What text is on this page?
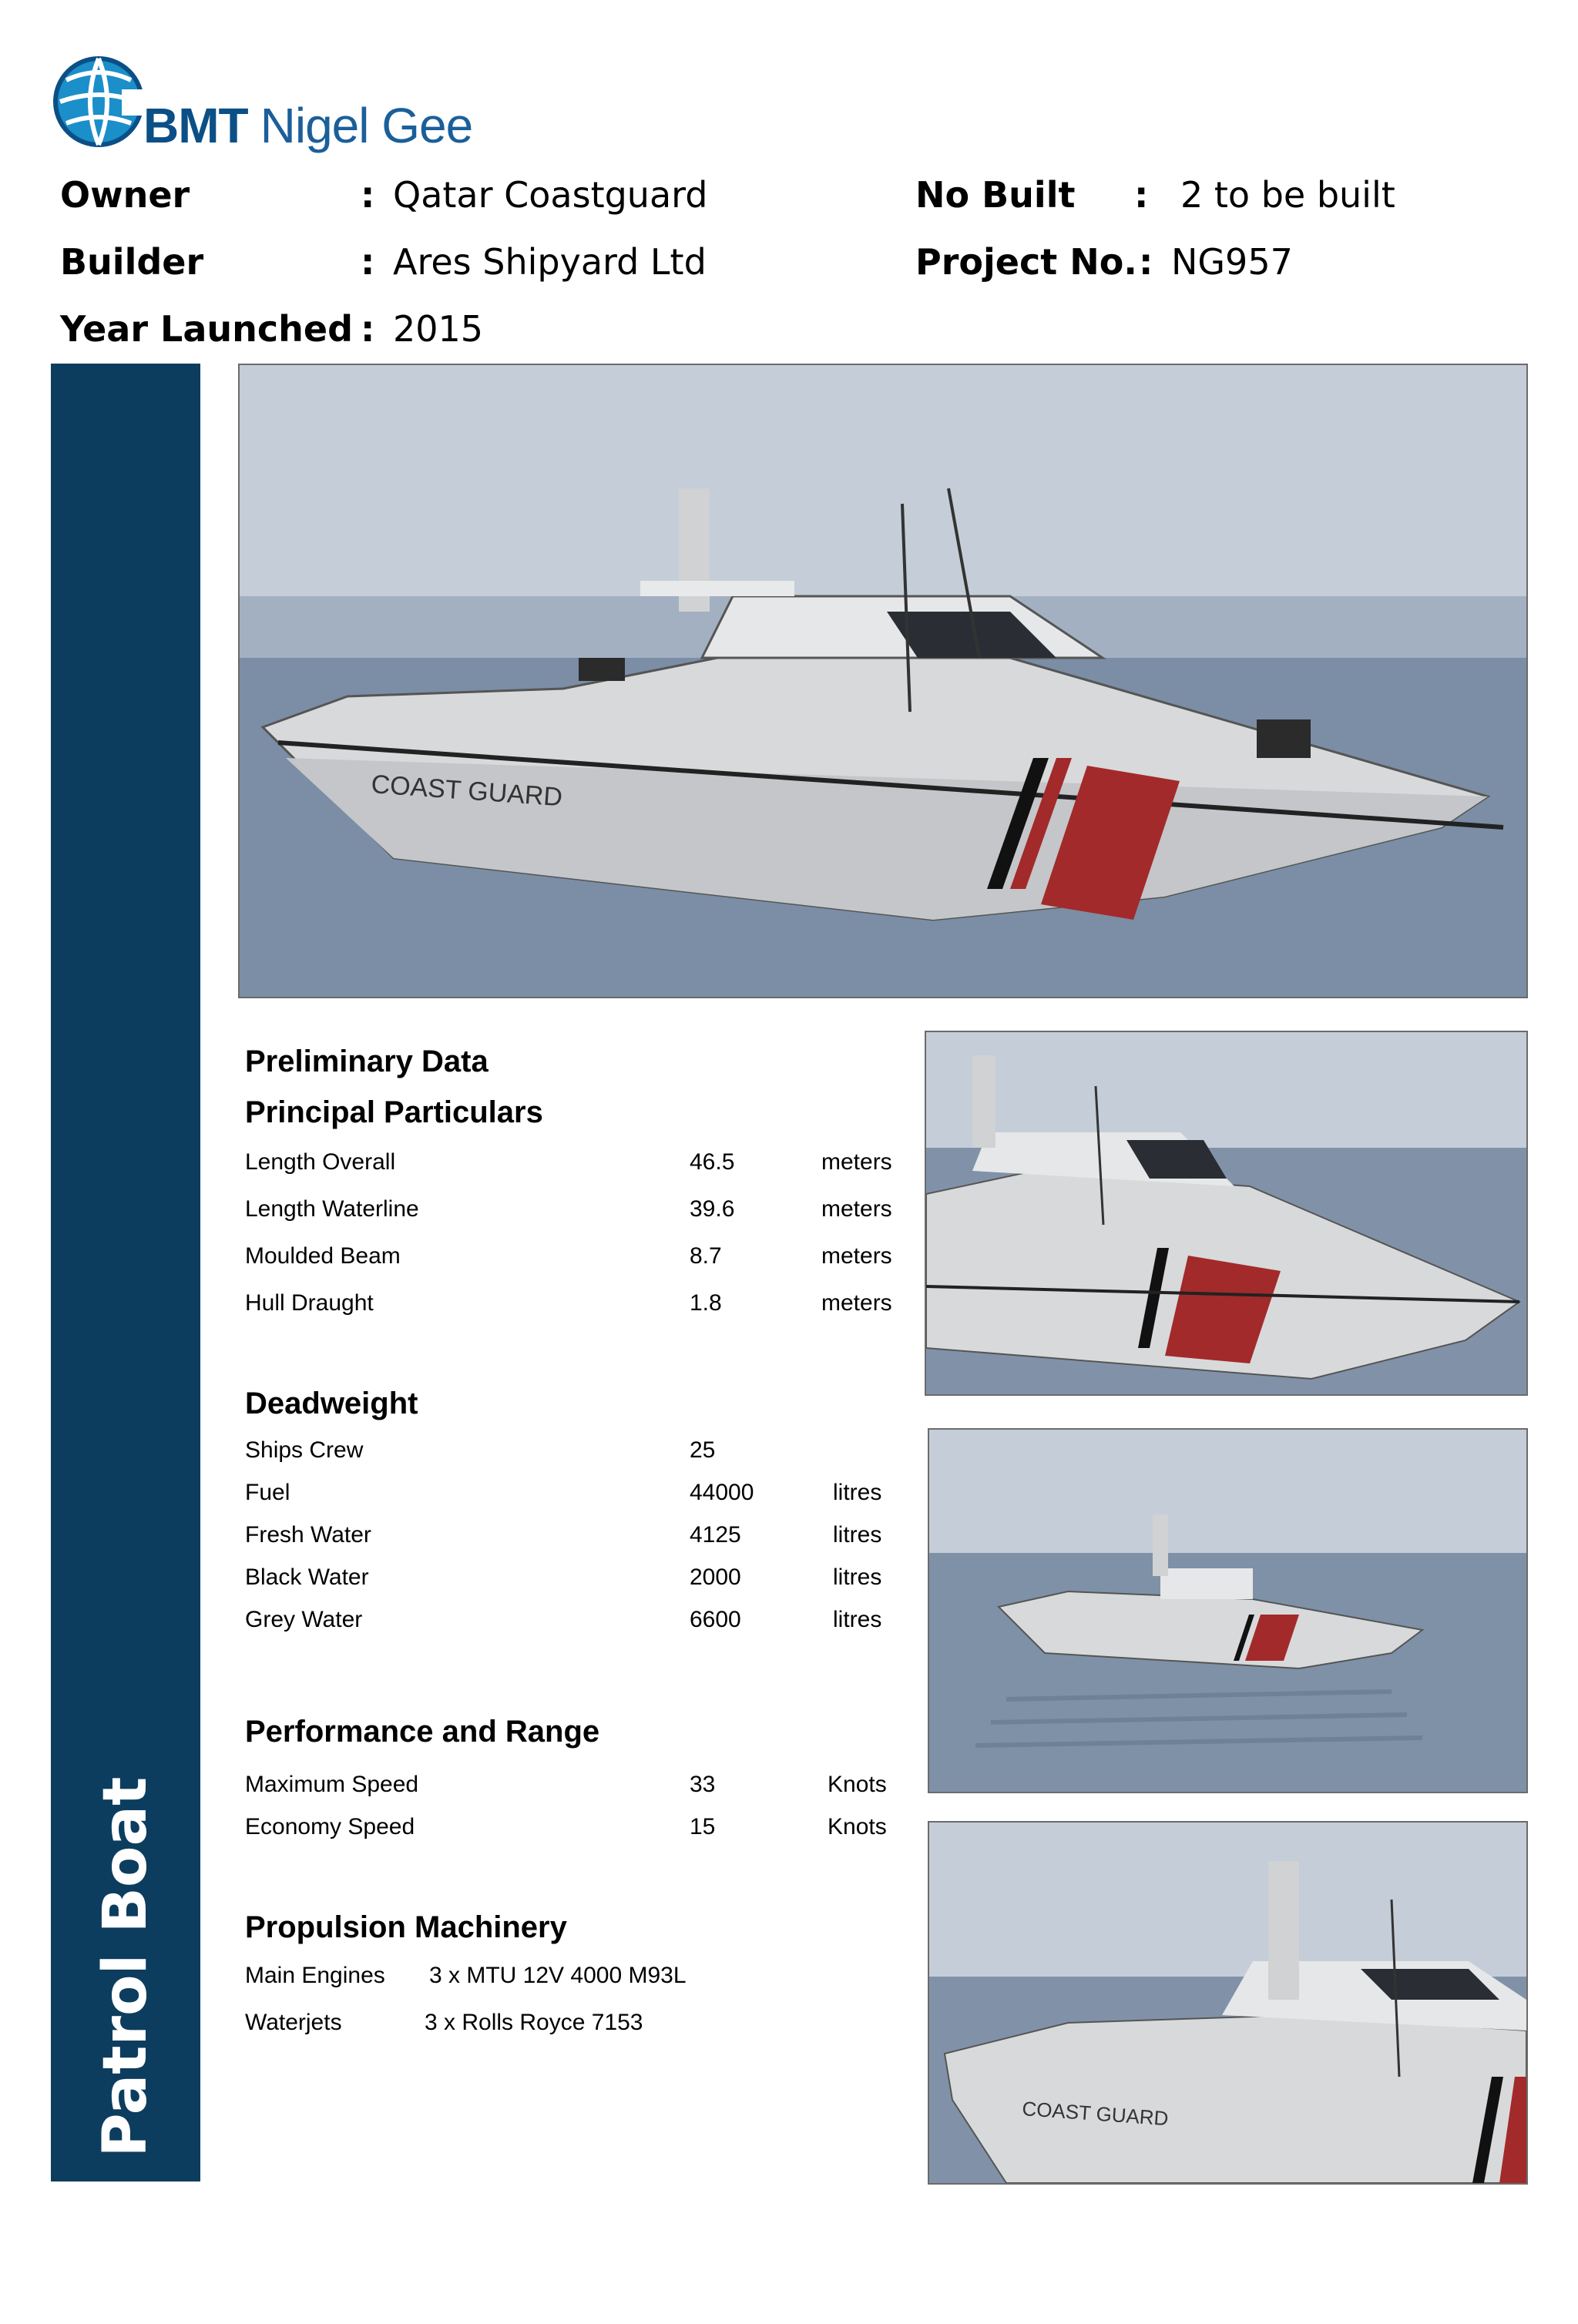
BMT Nigel Gee
Owner	: Qatar Coastguard
Builder	: Ares Shipyard Ltd
Year Launched : 2015
No Built : 2 to be built
Project No. : NG957
46m Patrol Boat
COAST GUARD
COAST GUARD
Preliminary Data
Principal Particulars
Length Overall	46.5	meters
Length Waterline	39.6	meters
Moulded Beam	8.7	meters
Hull Draught	1.8	meters
Deadweight
Ships Crew	25
Fuel	44000	litres
Fresh Water	4125	litres
Black Water	2000	litres
Grey Water	6600	litres
Performance and Range
Maximum Speed	33	Knots
Economy Speed	15	Knots
Propulsion Machinery
Main Engines 3 x MTU 12V 4000 M93L
Waterjets	3 x Rolls Royce 7153
